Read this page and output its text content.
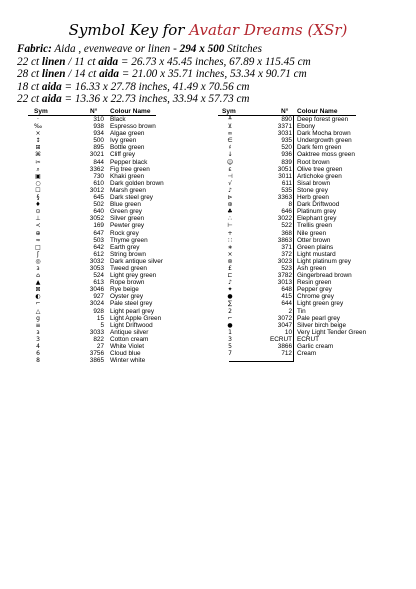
Symbol Key for Avatar Dreams (XSr)
Fabric: Aida , evenweave or linen - 294 x 500 Stitches
22 ct linen / 11 ct aida = 26.73 x 45.45 inches, 67.89 x 115.45 cm
28 ct linen / 14 ct aida = 21.00 x 35.71 inches, 53.34 x 90.71 cm
18 ct aida = 16.33 x 27.78 inches, 41.49 x 70.56 cm
22 ct aida = 13.36 x 22.73 inches, 33.94 x 57.73 cm
Sym	N° Colour Name	Sym	N° Colour Name
·	310 Black
‰	938 Espresso brown
×	934 Algae green
↕	500 Ivy green
⊞	895 Bottle green
⌘	3021 Cliff grey
✂	844 Pepper black
⌕	3362 Fig tree green
▣	730 Khaki green
○	610 Dark golden brown
☐	3012 Marsh green
§	645 Dark steel grey
♦	502 Blue green
⊙	640 Green grey
⊥	3052 Silver green
≺	169 Pewter grey
⊕	647 Rock grey
≈	503 Thyme green
□	642 Earth grey
ʃ	612 String brown
◎	3032 Dark antique silver
ɜ	3053 Tweed green
⌂	524 Light grey green
▲	613 Rope brown
⊠	3046 Rye beige
◐	927 Oyster grey
⌐	3024 Pale steel grey
△	928 Light pearl grey
g	15 Light Apple Green
≡	5 Light Driftwood
ɜ	3033 Antique silver
3	822 Cotton cream
4	27 White Violet
6	3756 Cloud blue
8	3865 Winter white
╨	890 Deep forest green
⊻	3371 Ebony
∞	3031 Dark Mocha brown
∈	935 Undergrowth green
♯	520 Dark fern green
↓	936 Oaktree moss green
☺	839 Root brown
ε	3051 Olive tree green
⊣	3011 Artichoke green
√	611 Sisal brown
♪	535 Stone grey
⊳	3363 Herb green
⊛	8 Dark Driftwood
♣	646 Platinum grey
∴	3022 Elephant grey
⊢	522 Trellis green
+	368 Nile green
∷	3863 Otter brown
∗	371 Green plains
×	372 Light mustard
⊚	3023 Light platinum grey
£	523 Ash green
⊏	3782 Gingerbread brown
♪	3013 Resin green
✦	648 Pepper grey
●	415 Chrome grey
∑	644 Light green grey
2	2 Tin
⌐	3072 Pale pearl grey
●	3047 Silver birch beige
1	10 Very Light Tender Green
3	ECRUT ECRUT
5	3866 Garlic cream
7	712 Cream
